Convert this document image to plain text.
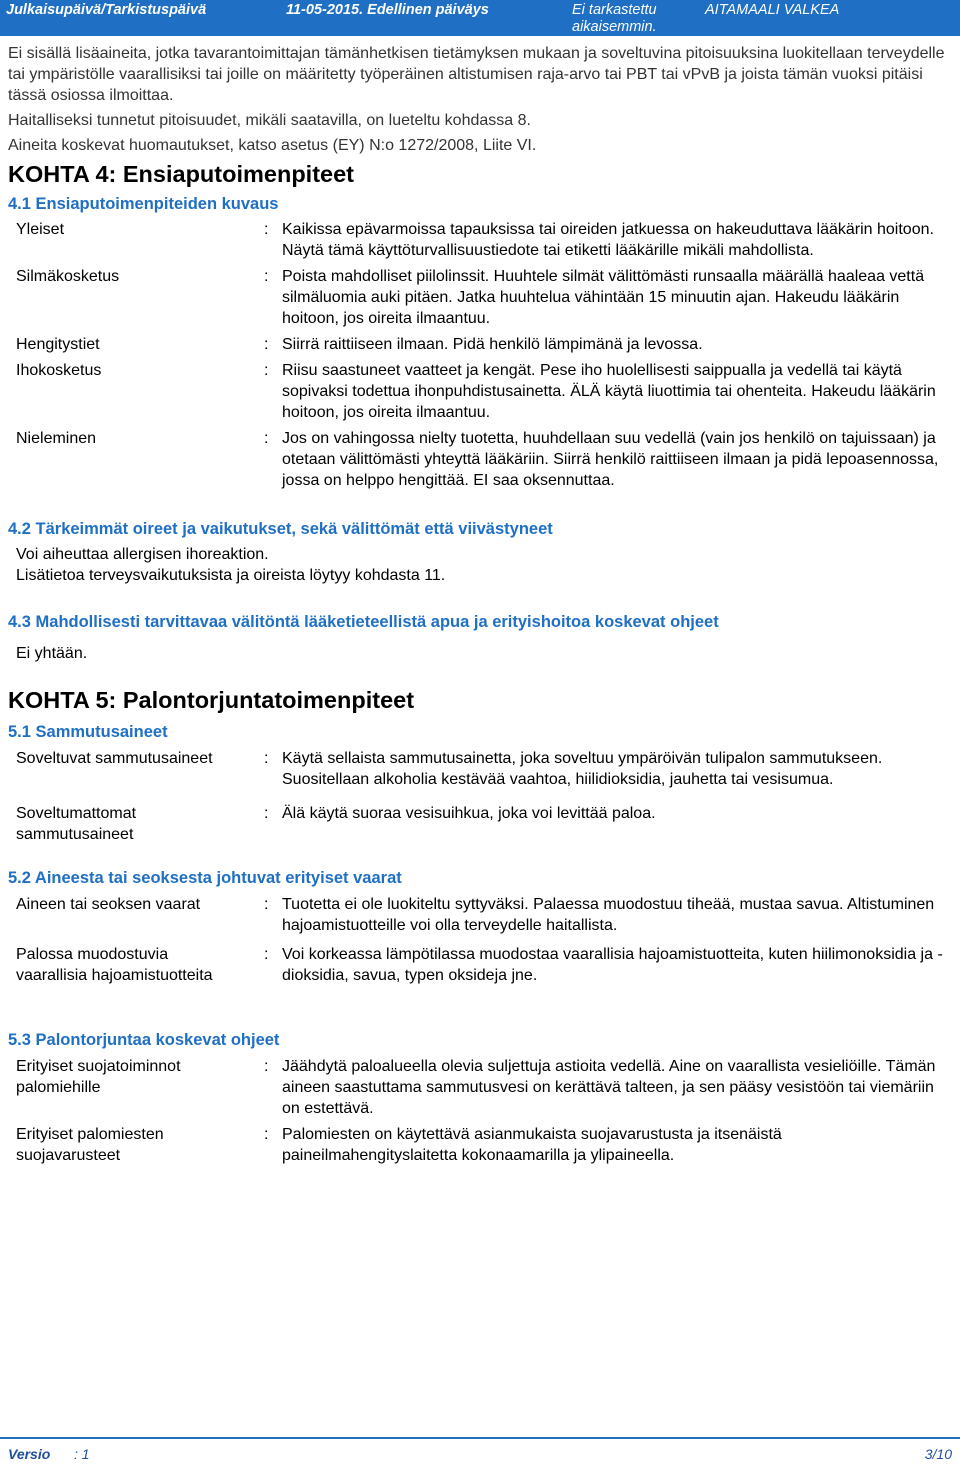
Julkaisupäivä/Tarkistuspäivä	11-05-2015. Edellinen päiväys	Ei tarkastettu aikaisemmin.
AITAMAALI VALKEA

Ei sisällä lisäaineita, jotka tavarantoimittajan tämänhetkisen tietämyksen mukaan ja soveltuvina pitoisuuksina luokitellaan terveydelle tai ympäristölle vaarallisiksi tai joille on määritetty työperäinen altistumisen raja-arvo tai PBT tai vPvB ja joista tämän vuoksi pitäisi tässä osiossa ilmoittaa.

Haitalliseksi tunnetut pitoisuudet, mikäli saatavilla, on lueteltu kohdassa 8.

Aineita koskevat huomautukset, katso asetus (EY) N:o 1272/2008, Liite VI.

KOHTA 4: Ensiaputoimenpiteet
4.1 Ensiaputoimenpiteiden kuvaus
Yleiset	: Kaikissa epävarmoissa tapauksissa tai oireiden jatkuessa on hakeuduttava lääkärin hoitoon. Näytä tämä käyttöturvallisuustiedote tai etiketti lääkärille mikäli mahdollista.
Silmäkosketus	: Poista mahdolliset piilolinssit. Huuhtele silmät välittömästi runsaalla määrällä haaleaa vettä silmäluomia auki pitäen. Jatka huuhtelua vähintään 15 minuutin ajan. Hakeudu lääkärin hoitoon, jos oireita ilmaantuu.
Hengitystiet	: Siirrä raittiiseen ilmaan. Pidä henkilö lämpimänä ja levossa.
Ihokosketus	: Riisu saastuneet vaatteet ja kengät. Pese iho huolellisesti saippualla ja vedellä tai käytä sopivaksi todettua ihonpuhdistusainetta. ÄLÄ käytä liuottimia tai ohenteita. Hakeudu lääkärin hoitoon, jos oireita ilmaantuu.
Nieleminen	: Jos on vahingossa nielty tuotetta, huuhdellaan suu vedellä (vain jos henkilö on tajuissaan) ja otetaan välittömästi yhteyttä lääkäriin. Siirrä henkilö raittiiseen ilmaan ja pidä lepoasennossa, jossa on helppo hengittää. EI saa oksennuttaa.
4.2 Tärkeimmät oireet ja vaikutukset, sekä välittömät että viivästyneet

Voi aiheuttaa allergisen ihoreaktion.

Lisätietoa terveysvaikutuksista ja oireista löytyy kohdasta 11.

4.3 Mahdollisesti tarvittavaa välitöntä lääketieteellistä apua ja erityishoitoa koskevat ohjeet

Ei yhtään.

KOHTA 5: Palontorjuntatoimenpiteet
5.1 Sammutusaineet
Soveltuvat sammutusaineet	: Käytä sellaista sammutusainetta, joka soveltuu ympäröivän tulipalon sammutukseen. Suositellaan alkoholia kestävää vaahtoa, hiilidioksidia, jauhetta tai vesisumua.
Soveltumattomat sammutusaineet
: Älä käytä suoraa vesisuihkua, joka voi levittää paloa.
5.2 Aineesta tai seoksesta johtuvat erityiset vaarat
Aineen tai seoksen vaarat	: Tuotetta ei ole luokiteltu syttyväksi. Palaessa muodostuu tiheää, mustaa savua. Altistuminen hajoamistuotteille voi olla terveydelle haitallista.
Palossa muodostuvia vaarallisia hajoamistuotteita
: Voi korkeassa lämpötilassa muodostaa vaarallisia hajoamistuotteita, kuten hiilimonoksidia ja -dioksidia, savua, typen oksideja jne.
5.3 Palontorjuntaa koskevat ohjeet
Erityiset suojatoiminnot palomiehille
: Jäähdytä paloalueella olevia suljettuja astioita vedellä. Aine on vaarallista vesieliöille. Tämän aineen saastuttama sammutusvesi on kerättävä talteen, ja sen pääsy vesistöön tai viemäriin on estettävä.
Erityiset palomiesten suojavarusteet
: Palomiesten on käytettävä asianmukaista suojavarustusta ja itsenäistä paineilmahengityslaitetta kokonaamarilla ja ylipaineella.
Versio : 1	3/10
